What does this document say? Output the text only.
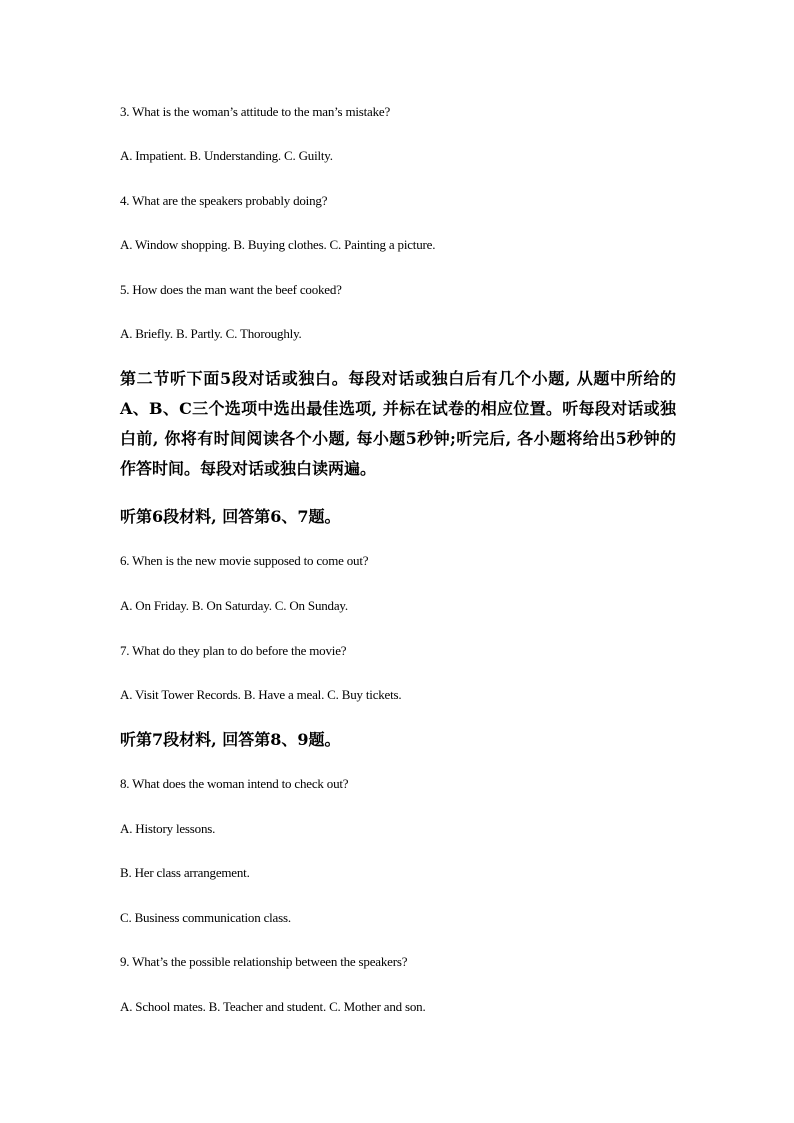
3. What is the woman’s attitude to the man’s mistake?
A. Impatient. B. Understanding. C. Guilty.
4. What are the speakers probably doing?
A. Window shopping. B. Buying clothes. C. Painting a picture.
5. How does the man want the beef cooked?
A. Briefly. B. Partly. C. Thoroughly.
第二节听下面5段对话或独白。每段对话或独白后有几个小题, 从题中所给的A、B、C三个选项中选出最佳选项, 并标在试卷的相应位置。听每段对话或独白前, 你将有时间阅读各个小题, 每小题5秒钟;听完后, 各小题将给出5秒钟的作答时间。每段对话或独白读两遍。
听第6段材料, 回答第6、7题。
6. When is the new movie supposed to come out?
A. On Friday. B. On Saturday. C. On Sunday.
7. What do they plan to do before the movie?
A. Visit Tower Records. B. Have a meal. C. Buy tickets.
听第7段材料, 回答第8、9题。
8. What does the woman intend to check out?
A. History lessons.
B. Her class arrangement.
C. Business communication class.
9. What’s the possible relationship between the speakers?
A. School mates. B. Teacher and student. C. Mother and son.
